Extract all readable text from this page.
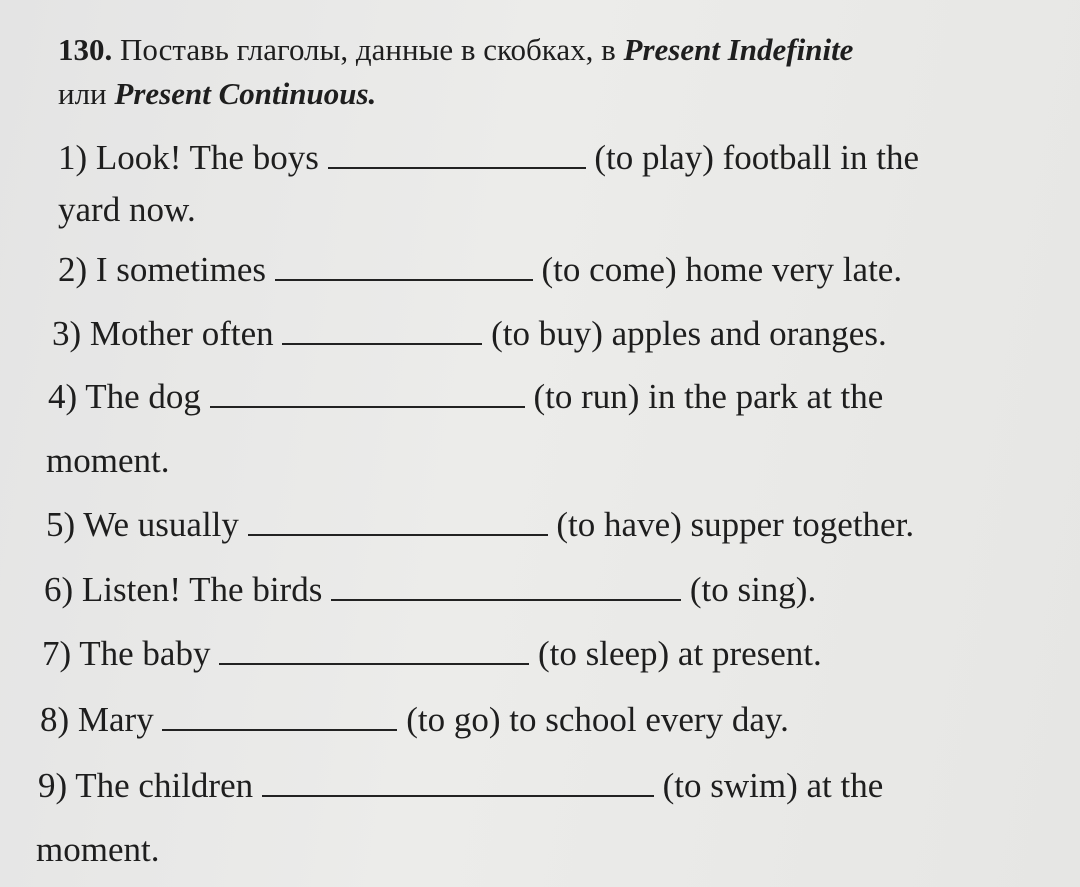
130. Поставь глаголы, данные в скобках, в Present Indefinite
или Present Continuous.
1) Look! The boys	(to play) football in the
yard now.
2) I sometimes	(to come) home very late.
3) Mother often	(to buy) apples and oranges.
4) The dog	(to run) in the park at the
moment.
5) We usually	(to have) supper together.
6) Listen! The birds	(to sing).
7) The baby	(to sleep) at present.
8) Mary	(to go) to school every day.
9) The children	(to swim) at the
moment.
